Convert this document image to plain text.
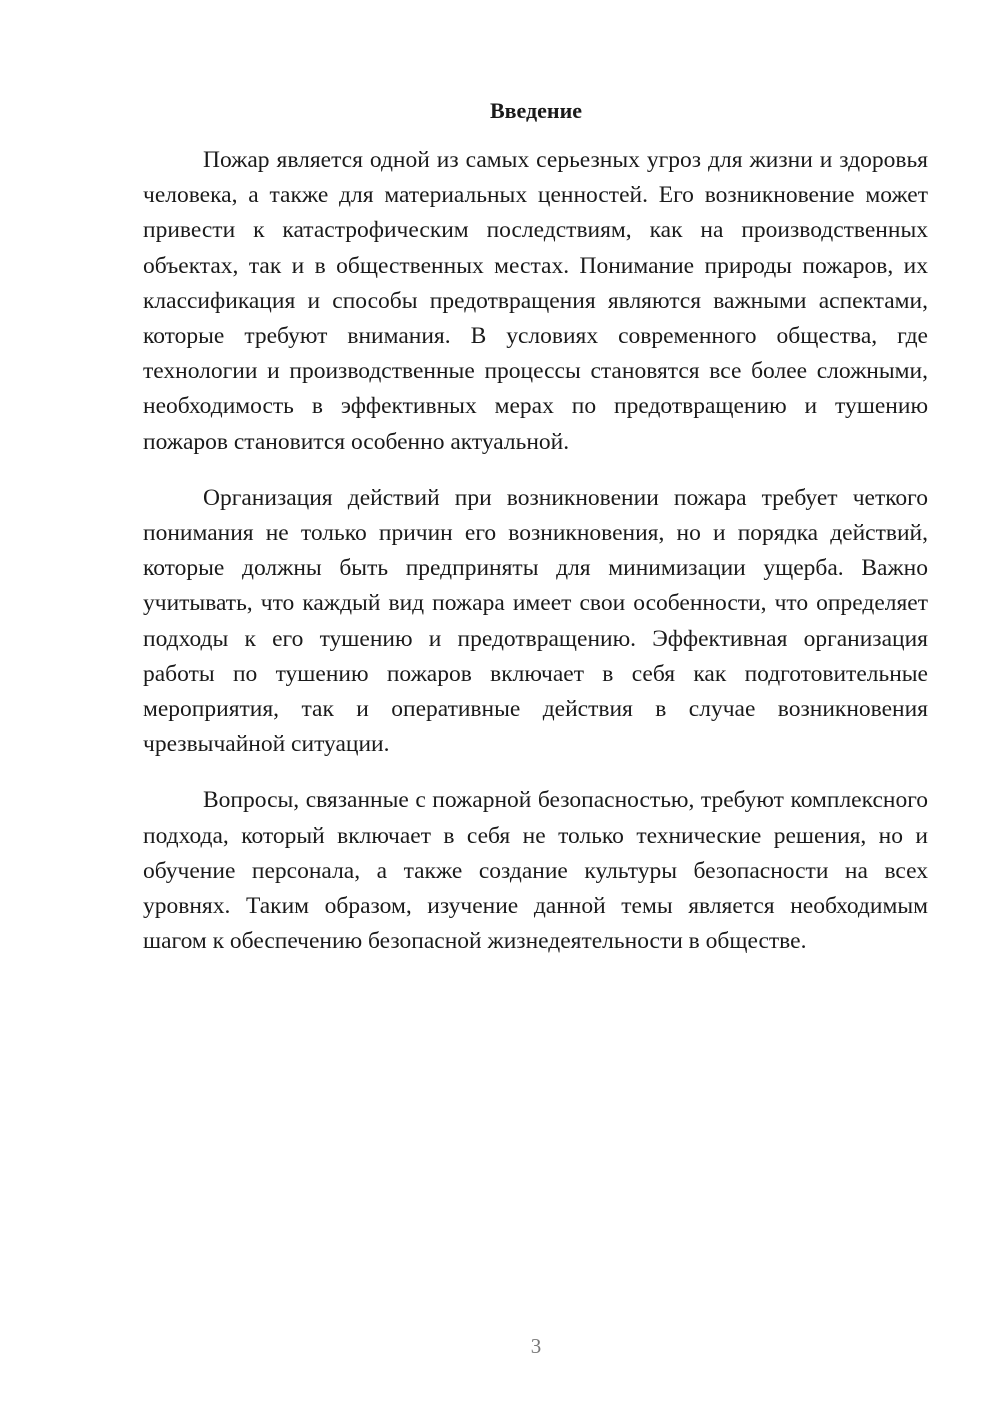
Введение

Пожар является одной из самых серьезных угроз для жизни и здоровья человека, а также для материальных ценностей. Его возникновение может привести к катастрофическим последствиям, как на производственных объектах, так и в общественных местах. Понимание природы пожаров, их классификация и способы предотвращения являются важными аспектами, которые требуют внимания. В условиях современного общества, где технологии и производственные процессы становятся все более сложными, необходимость в эффективных мерах по предотвращению и тушению пожаров становится особенно актуальной.

Организация действий при возникновении пожара требует четкого понимания не только причин его возникновения, но и порядка действий, которые должны быть предприняты для минимизации ущерба. Важно учитывать, что каждый вид пожара имеет свои особенности, что определяет подходы к его тушению и предотвращению. Эффективная организация работы по тушению пожаров включает в себя как подготовительные мероприятия, так и оперативные действия в случае возникновения чрезвычайной ситуации.

Вопросы, связанные с пожарной безопасностью, требуют комплексного подхода, который включает в себя не только технические решения, но и обучение персонала, а также создание культуры безопасности на всех уровнях. Таким образом, изучение данной темы является необходимым шагом к обеспечению безопасной жизнедеятельности в обществе.

3
